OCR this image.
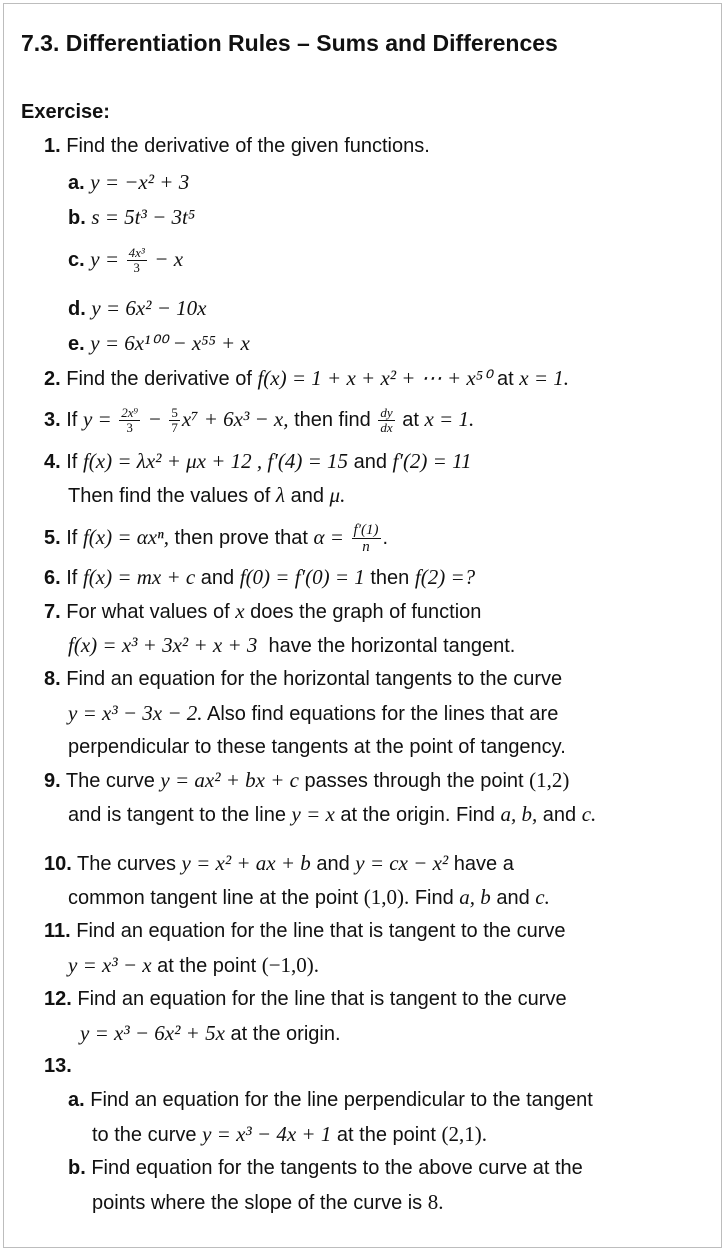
7.3. Differentiation Rules – Sums and Differences
Exercise:
1. Find the derivative of the given functions.
a. y = −x² + 3
b. s = 5t³ − 3t⁵
c. $y = \frac{\text{4x³}}{3} - x$
d. y = 6x² − 10x
e. y = 6x¹⁰⁰ − x⁵⁵ + x
2. Find the derivative of f(x) = 1 + x + x² + ⋯ + x⁵⁰ at x = 1.
3. If $y = \frac{\text{2x⁹}}{3} - \frac{5}{7} x^7 + 6x^3 - x$, then find $\frac{dy}{dx}$ at x = 1.
4. If f(x) = λx² + μx + 12 , f′(4) = 15 and f′(2) = 11
Then find the values of λ and μ.
5. If f(x) = αxⁿ, then prove that $\alpha = \frac{f'(1)}{n}$ .
6. If f(x) = mx + c and f(0) = f′(0) = 1 then f(2) =?
7. For what values of x does the graph of function
f(x) = x³ + 3x² + x + 3 have the horizontal tangent.
8. Find an equation for the horizontal tangents to the curve
y = x³ − 3x − 2. Also find equations for the lines that are
perpendicular to these tangents at the point of tangency.
9. The curve y = ax² + bx + c passes through the point (1,2)
and is tangent to the line y = x at the origin. Find a, b, and c.
10. The curves y = x² + ax + b and y = cx − x² have a
common tangent line at the point (1,0). Find a, b and c.
11. Find an equation for the line that is tangent to the curve
y = x³ − x at the point (−1,0).
12. Find an equation for the line that is tangent to the curve
y = x³ − 6x² + 5x at the origin.
13.
a. Find an equation for the line perpendicular to the tangent
to the curve y = x³ − 4x + 1 at the point (2,1).
b. Find equation for the tangents to the above curve at the
points where the slope of the curve is 8.
